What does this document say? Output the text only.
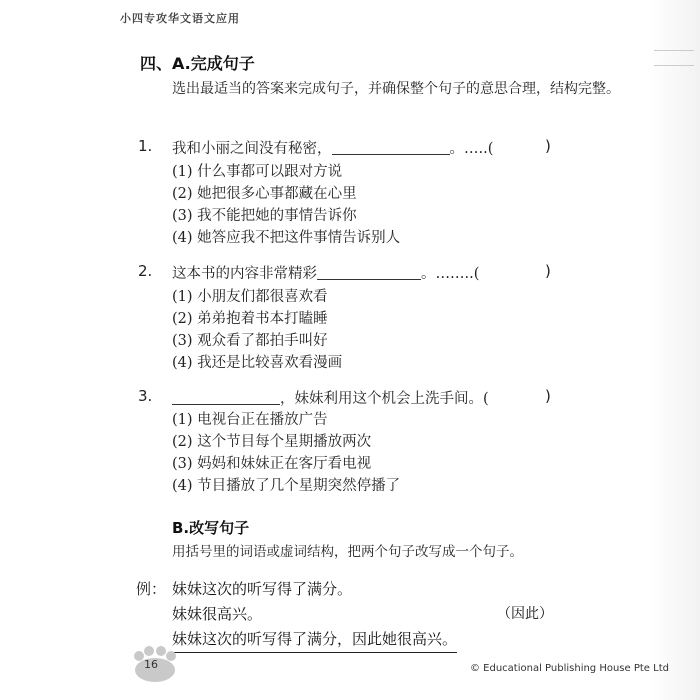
小四专攻华文语文应用
四、A.完成句子
选出最适当的答案来完成句子，并确保整个句子的意思合理，结构完整。
1. 我和小丽之间没有秘密，	。…..(	)
(1) 什么事都可以跟对方说
(2) 她把很多心事都藏在心里
(3) 我不能把她的事情告诉你
(4) 她答应我不把这件事情告诉别人
2. 这本书的内容非常精彩	。……..(	)
(1) 小朋友们都很喜欢看
(2) 弟弟抱着书本打瞌睡
(3) 观众看了都拍手叫好
(4) 我还是比较喜欢看漫画
3.	，妹妹利用这个机会上洗手间。(	)
(1) 电视台正在播放广告
(2) 这个节目每个星期播放两次
(3) 妈妈和妹妹正在客厅看电视
(4) 节目播放了几个星期突然停播了
B.改写句子
用括号里的词语或虚词结构，把两个句子改写成一个句子。
例： 妹妹这次的听写得了满分。
妹妹很高兴。	（因此）
妹妹这次的听写得了满分，因此她很高兴。
16	© Educational Publishing House Pte Ltd
